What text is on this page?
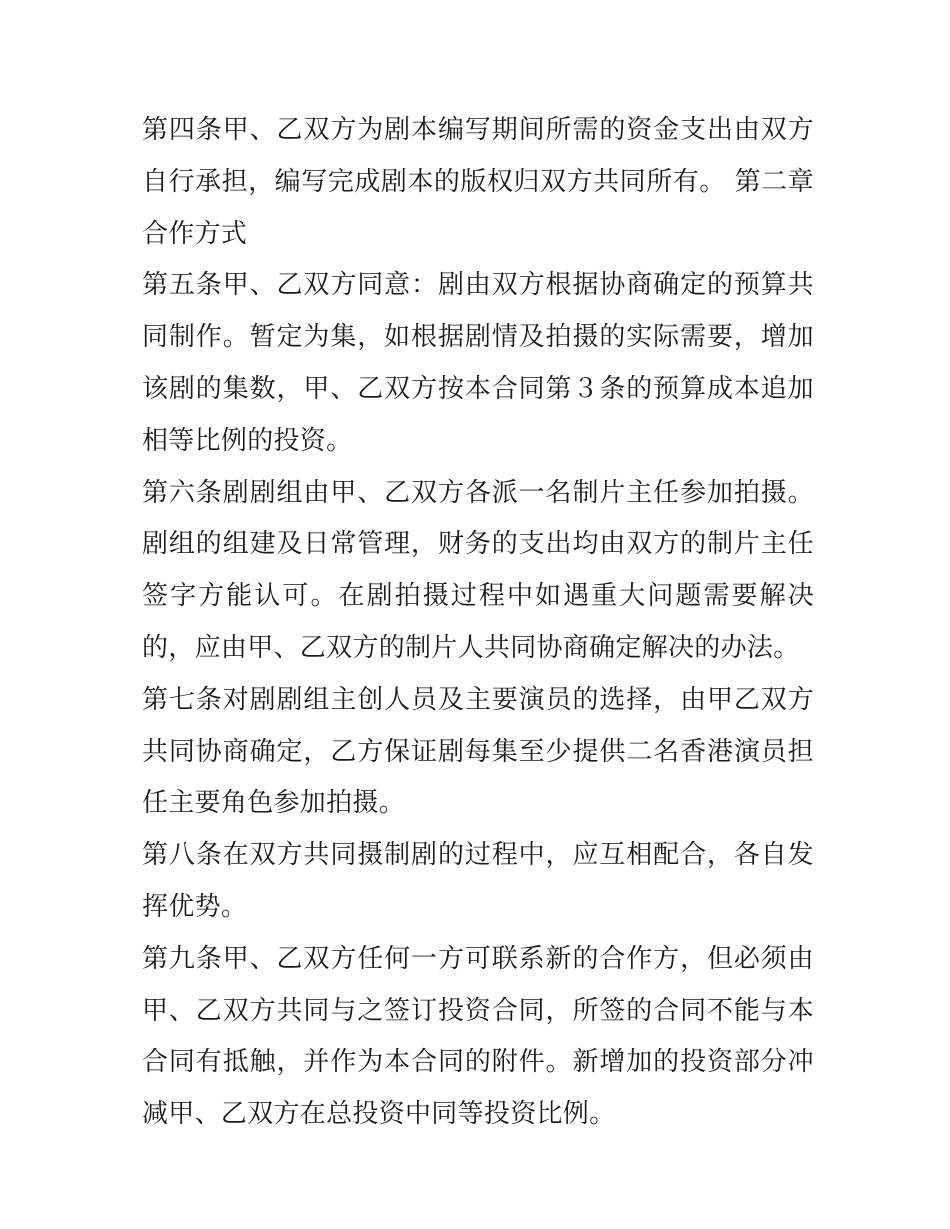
第四条甲、乙双方为剧本编写期间所需的资金支出由双方自行承担，编写完成剧本的版权归双方共同所有。 第二章合作方式

第五条甲、乙双方同意：剧由双方根据协商确定的预算共同制作。暂定为集，如根据剧情及拍摄的实际需要，增加该剧的集数，甲、乙双方按本合同第３条的预算成本追加相等比例的投资。

第六条剧剧组由甲、乙双方各派一名制片主任参加拍摄。剧组的组建及日常管理，财务的支出均由双方的制片主任签字方能认可。在剧拍摄过程中如遇重大问题需要解决的，应由甲、乙双方的制片人共同协商确定解决的办法。

第七条对剧剧组主创人员及主要演员的选择，由甲乙双方共同协商确定，乙方保证剧每集至少提供二名香港演员担任主要角色参加拍摄。

第八条在双方共同摄制剧的过程中，应互相配合，各自发挥优势。

第九条甲、乙双方任何一方可联系新的合作方，但必须由甲、乙双方共同与之签订投资合同，所签的合同不能与本合同有抵触，并作为本合同的附件。新增加的投资部分冲减甲、乙双方在总投资中同等投资比例。
